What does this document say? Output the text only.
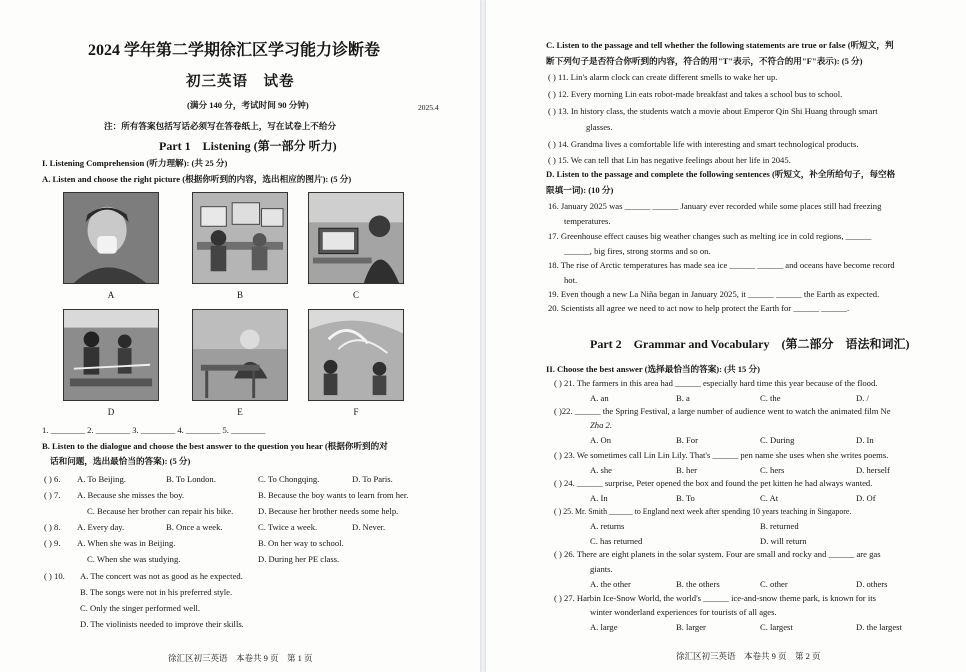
2024 学年第二学期徐汇区学习能力诊断卷
初三英语　试卷
(满分 140 分，考试时间 90 分钟)	2025.4
注：所有答案包括写话必须写在答卷纸上，写在试卷上不给分
Part 1　Listening (第一部分 听力)
I. Listening Comprehension (听力理解): (共 25 分)
A. Listen and choose the right picture (根据你听到的内容，选出相应的图片): (5 分)
A	B	C
D	E	F
1. ________ 2. ________ 3. ________ 4. ________ 5. ________
B. Listen to the dialogue and choose the best answer to the question you hear (根据你听到的对
话和问题，选出最恰当的答案): (5 分)
( ) 6. A. To Beijing.	B. To London.	C. To Chongqing.	D. To Paris.
( ) 7. A. Because she misses the boy.	B. Because the boy wants to learn from her.
C. Because her brother can repair his bike.	D. Because her brother needs some help.
( ) 8. A. Every day.	B. Once a week.	C. Twice a week.	D. Never.
( ) 9. A. When she was in Beijing.	B. On her way to school.
C. When she was studying.	D. During her PE class.
( ) 10. A. The concert was not as good as he expected.
B. The songs were not in his preferred style.
C. Only the singer performed well.
D. The violinists needed to improve their skills.
徐汇区初三英语　本卷共 9 页　第 1 页
C. Listen to the passage and tell whether the following statements are true or false (听短文，判
断下列句子是否符合你听到的内容，符合的用"T"表示，不符合的用"F"表示): (5 分)
( ) 11. Lin's alarm clock can create different smells to wake her up.
( ) 12. Every morning Lin eats robot-made breakfast and takes a school bus to school.
( ) 13. In history class, the students watch a movie about Emperor Qin Shi Huang through smart
glasses.
( ) 14. Grandma lives a comfortable life with interesting and smart technological products.
( ) 15. We can tell that Lin has negative feelings about her life in 2045.
D. Listen to the passage and complete the following sentences (听短文，补全所给句子，每空格
限填一词): (10 分)
16. January 2025 was ______ ______ January ever recorded while some places still had freezing
temperatures.
17. Greenhouse effect causes big weather changes such as melting ice in cold regions, ______
______, big fires, strong storms and so on.
18. The rise of Arctic temperatures has made sea ice ______ ______ and oceans have become record
hot.
19. Even though a new La Niña began in January 2025, it ______ ______ the Earth as expected.
20. Scientists all agree we need to act now to help protect the Earth for ______ ______.
Part 2　Grammar and Vocabulary　(第二部分　语法和词汇)
II. Choose the best answer (选择最恰当的答案): (共 15 分)
( ) 21. The farmers in this area had ______ especially hard time this year because of the flood.
A. an	B. a	C. the	D. /
( )22. ______ the Spring Festival, a large number of audience went to watch the animated film Ne
Zha 2.
A. On	B. For	C. During	D. In
( ) 23. We sometimes call Lin Lin Lily. That's ______ pen name she uses when she writes poems.
A. she	B. her	C. hers	D. herself
( ) 24. ______ surprise, Peter opened the box and found the pet kitten he had always wanted.
A. In	B. To	C. At	D. Of
( ) 25. Mr. Smith ______ to England next week after spending 10 years teaching in Singapore.
A. returns	B. returned
C. has returned	D. will return
( ) 26. There are eight planets in the solar system. Four are small and rocky and ______ are gas
giants.
A. the other	B. the others	C. other	D. others
( ) 27. Harbin Ice-Snow World, the world's ______ ice-and-snow theme park, is known for its
winter wonderland experiences for tourists of all ages.
A. large	B. larger	C. largest	D. the largest
徐汇区初三英语　本卷共 9 页　第 2 页
